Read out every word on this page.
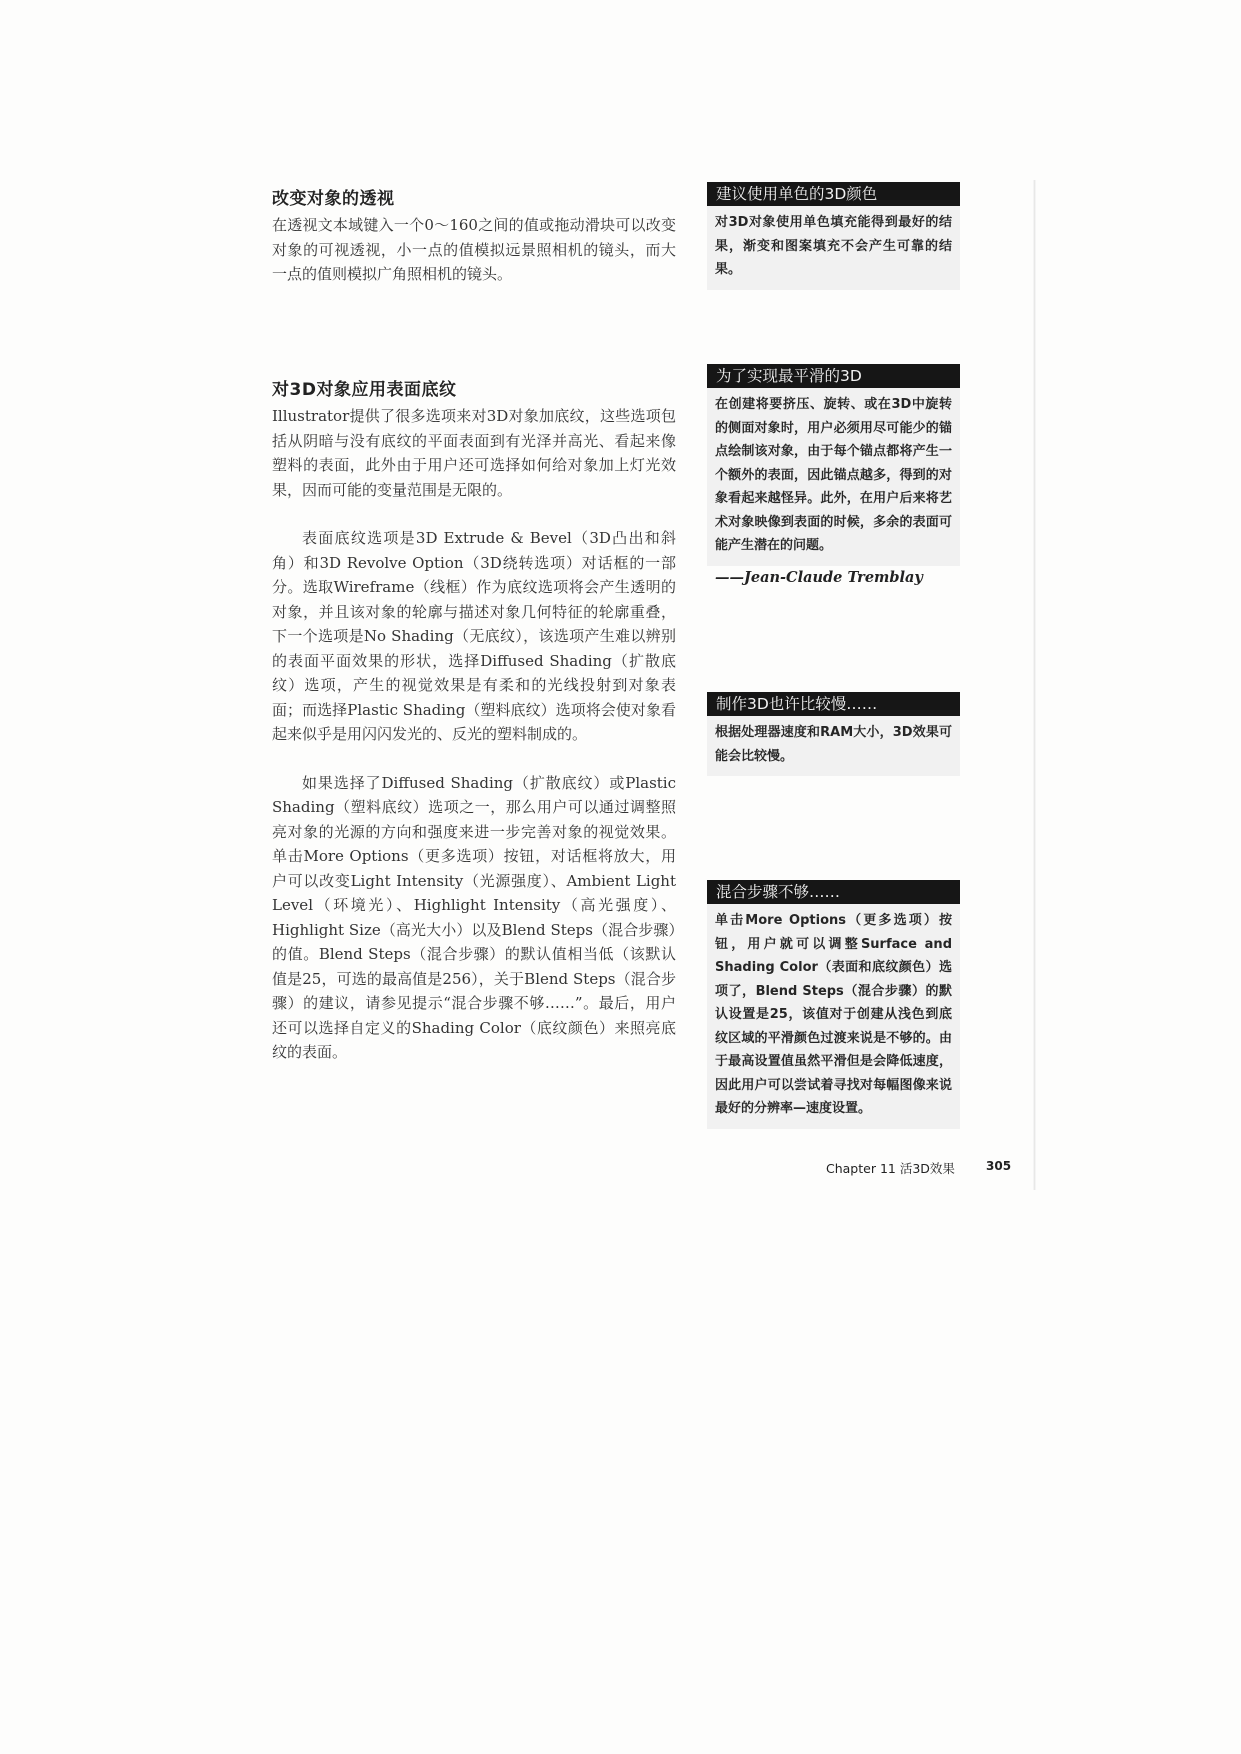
改变对象的透视

在透视文本域键入一个0～160之间的值或拖动滑块可以改变对象的可视透视，小一点的值模拟远景照相机的镜头，而大一点的值则模拟广角照相机的镜头。

对3D对象应用表面底纹

Illustrator提供了很多选项来对3D对象加底纹，这些选项包括从阴暗与没有底纹的平面表面到有光泽并高光、看起来像塑料的表面，此外由于用户还可选择如何给对象加上灯光效果，因而可能的变量范围是无限的。

表面底纹选项是3D Extrude & Bevel（3D凸出和斜角）和3D Revolve Option（3D绕转选项）对话框的一部分。选取Wireframe（线框）作为底纹选项将会产生透明的对象，并且该对象的轮廓与描述对象几何特征的轮廓重叠，下一个选项是No Shading（无底纹），该选项产生难以辨别的表面平面效果的形状，选择Diffused Shading（扩散底纹）选项，产生的视觉效果是有柔和的光线投射到对象表面；而选择Plastic Shading（塑料底纹）选项将会使对象看起来似乎是用闪闪发光的、反光的塑料制成的。

如果选择了Diffused Shading（扩散底纹）或Plastic Shading（塑料底纹）选项之一，那么用户可以通过调整照亮对象的光源的方向和强度来进一步完善对象的视觉效果。单击More Options（更多选项）按钮，对话框将放大，用户可以改变Light Intensity（光源强度）、Ambient Light Level（环境光）、Highlight Intensity（高光强度）、Highlight Size（高光大小）以及Blend Steps（混合步骤）的值。Blend Steps（混合步骤）的默认值相当低（该默认值是25，可选的最高值是256），关于Blend Steps（混合步骤）的建议，请参见提示“混合步骤不够……”。最后，用户还可以选择自定义的Shading Color（底纹颜色）来照亮底纹的表面。

建议使用单色的3D颜色
对3D对象使用单色填充能得到最好的结果，渐变和图案填充不会产生可靠的结果。
为了实现最平滑的3D
在创建将要挤压、旋转、或在3D中旋转的侧面对象时，用户必须用尽可能少的锚点绘制该对象，由于每个锚点都将产生一个额外的表面，因此锚点越多，得到的对象看起来越怪异。此外，在用户后来将艺术对象映像到表面的时候，多余的表面可能产生潜在的问题。
——Jean-Claude Tremblay
制作3D也许比较慢……
根据处理器速度和RAM大小，3D效果可能会比较慢。
混合步骤不够……
单击More Options（更多选项）按钮，用户就可以调整Surface and Shading Color（表面和底纹颜色）选项了，Blend Steps（混合步骤）的默认设置是25，该值对于创建从浅色到底纹区域的平滑颜色过渡来说是不够的。由于最高设置值虽然平滑但是会降低速度，因此用户可以尝试着寻找对每幅图像来说最好的分辨率—速度设置。
Chapter 11 活3D效果	305
